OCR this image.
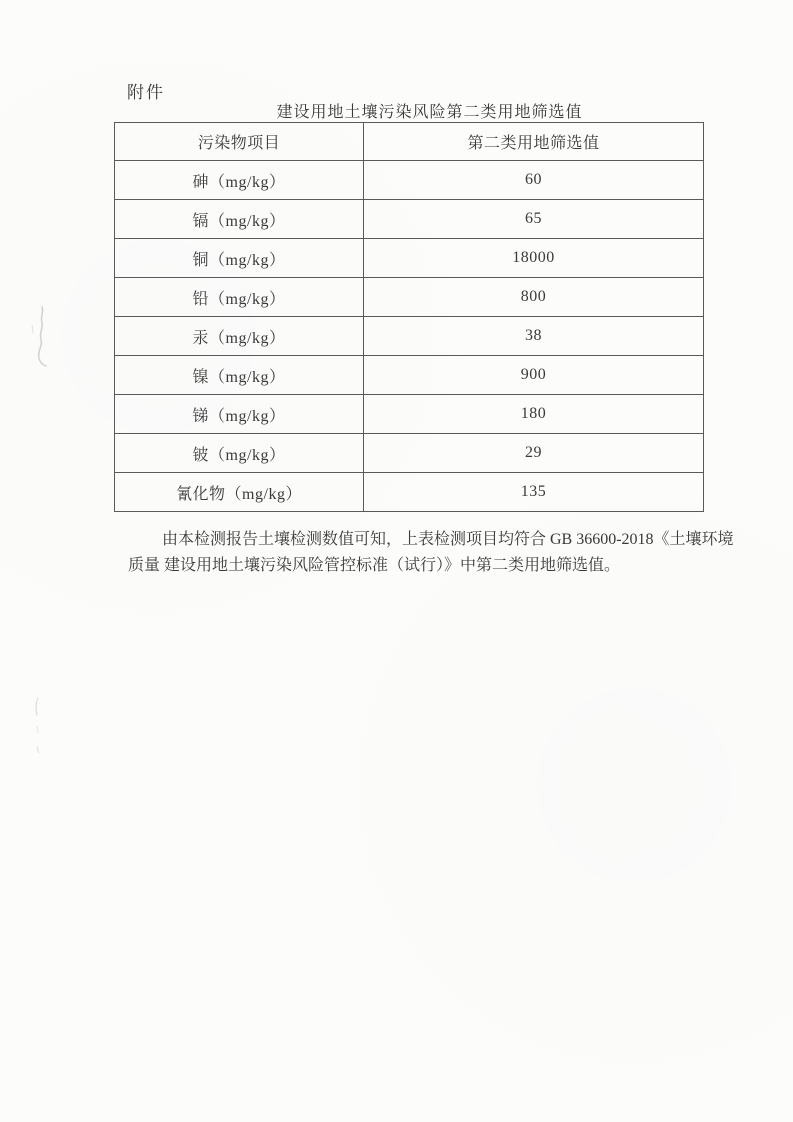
附件
建设用地土壤污染风险第二类用地筛选值
污染物项目	第二类用地筛选值
砷（mg/kg）	60
镉（mg/kg）	65
铜（mg/kg）	18000
铅（mg/kg）	800
汞（mg/kg）	38
镍（mg/kg）	900
锑（mg/kg）	180
铍（mg/kg）	29
氰化物（mg/kg）	135
由本检测报告土壤检测数值可知，上表检测项目均符合 GB 36600-2018《土壤环境
质量 建设用地土壤污染风险管控标准（试行）》中第二类用地筛选值。
